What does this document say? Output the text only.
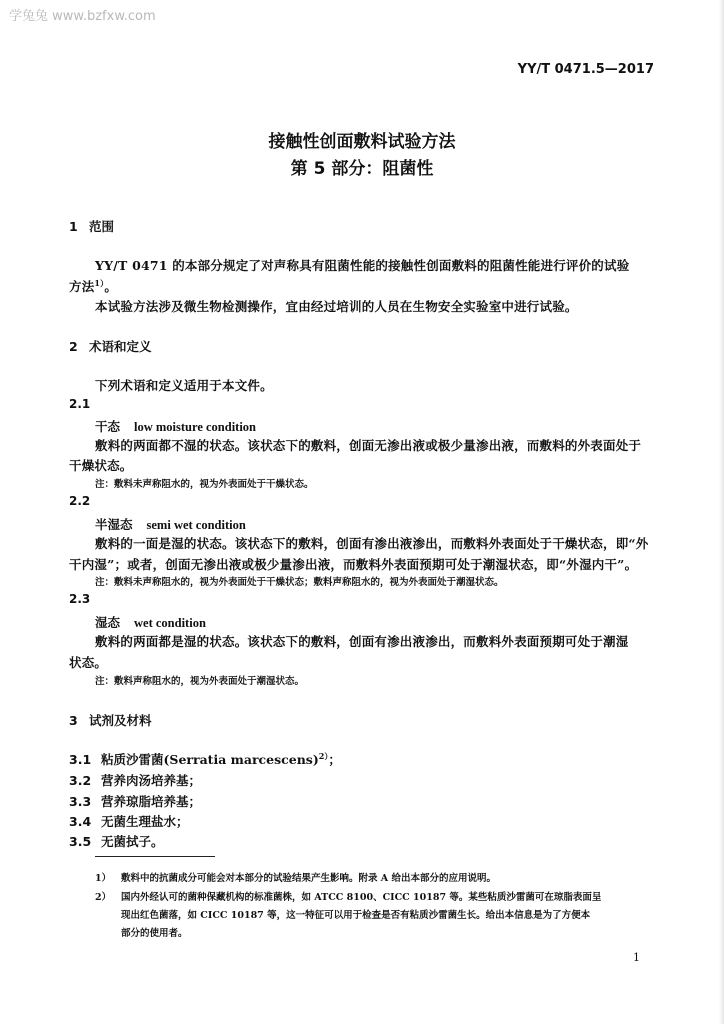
学兔兔 www.bzfxw.com
YY/T 0471.5—2017
接触性创面敷料试验方法
第 5 部分：阻菌性
1 范围
YY/T 0471 的本部分规定了对声称具有阻菌性能的接触性创面敷料的阻菌性能进行评价的试验
方法$^{1)}$。
本试验方法涉及微生物检测操作，宜由经过培训的人员在生物安全实验室中进行试验。
2 术语和定义
下列术语和定义适用于本文件。
2.1
干态 low moisture condition
敷料的两面都不湿的状态。该状态下的敷料，创面无渗出液或极少量渗出液，而敷料的外表面处于
干燥状态。
注：敷料未声称阻水的，视为外表面处于干燥状态。
2.2
半湿态 semi wet condition
敷料的一面是湿的状态。该状态下的敷料，创面有渗出液渗出，而敷料外表面处于干燥状态，即“外
干内湿”；或者，创面无渗出液或极少量渗出液，而敷料外表面预期可处于潮湿状态，即“外湿内干”。
注：敷料未声称阻水的，视为外表面处于干燥状态；敷料声称阻水的，视为外表面处于潮湿状态。
2.3
湿态 wet condition
敷料的两面都是湿的状态。该状态下的敷料，创面有渗出液渗出，而敷料外表面预期可处于潮湿
状态。
注：敷料声称阻水的，视为外表面处于潮湿状态。
3 试剂及材料
3.1 粘质沙雷菌(Serratia marcescens)$^{2)}$；
3.2 营养肉汤培养基；
3.3 营养琼脂培养基；
3.4 无菌生理盐水；
3.5 无菌拭子。
1） 敷料中的抗菌成分可能会对本部分的试验结果产生影响。附录 A 给出本部分的应用说明。
2） 国内外经认可的菌种保藏机构的标准菌株，如 ATCC 8100、CICC 10187 等。某些粘质沙雷菌可在琼脂表面呈
现出红色菌落，如 CICC 10187 等，这一特征可以用于检查是否有粘质沙雷菌生长。给出本信息是为了方便本
部分的使用者。
1
